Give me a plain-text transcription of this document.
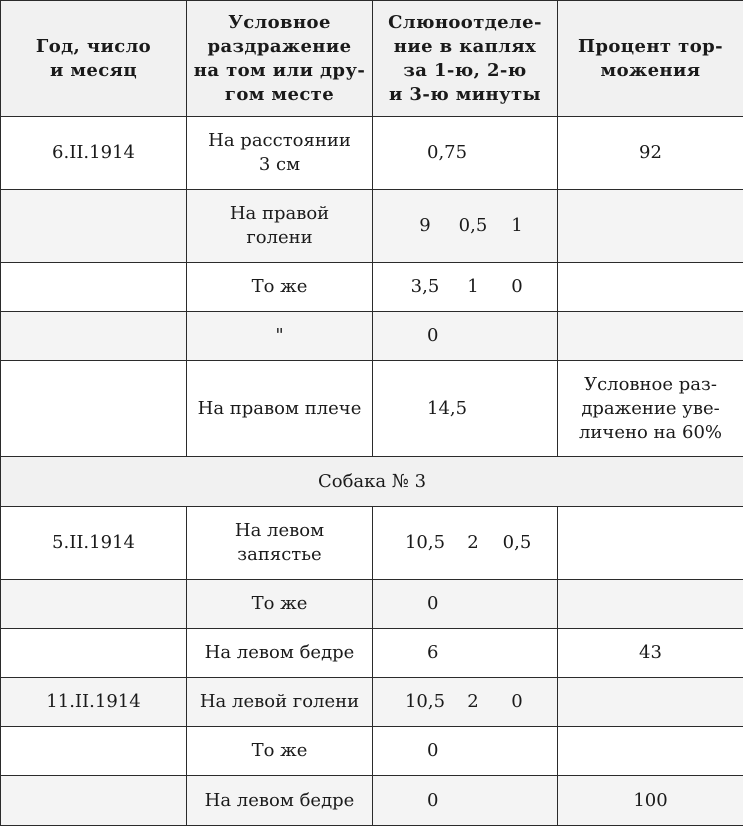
Год, число
и месяц	Условное
раздражение
на том или дру-
гом месте	Слюноотделе-
ние в каплях
за 1-ю, 2-ю
и 3-ю минуты	Процент тор-
можения

6.II.1914	На расстоянии
3 см	0,75	92

	На правой
голени	9 0,5 1	

	То же	3,5 1 0	

	"	0	

	На правом плече	14,5	Условное раз-
дражение уве-
личено на 60%

Собака № 3			
5.II.1914	На левом
запястье	10,5 2 0,5	

	То же	0	

	На левом бедре	6	43

11.II.1914	На левой голени	10,5 2 0	

	То же	0	

	На левом бедре	0	100
